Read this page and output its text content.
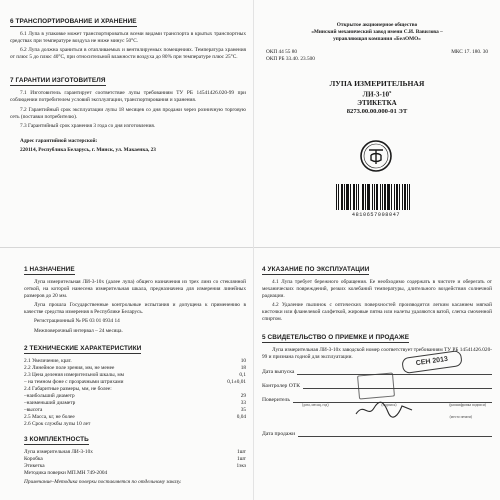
6 ТРАНСПОРТИРОВАНИЕ И ХРАНЕНИЕ
6.1 Лупа в упаковке может транспортироваться всеми видами транспорта в крытых транспортных средствах при температуре воздуха не ниже минус 50°С.
6.2 Лупа должна храниться в отапливаемых и вентилируемых помещениях. Температура хранения от плюс 5 до плюс 40°С, при относительной влажности воздуха до 80% при температуре плюс 25°С.
7 ГАРАНТИИ ИЗГОТОВИТЕЛЯ
7.1 Изготовитель гарантирует соответствие лупы требованиям ТУ РБ 14541426.020-99 при соблюдении потребителем условий эксплуатации, транспортирования и хранения.
7.2 Гарантийный срок эксплуатации лупы 18 месяцев со дня продажи через розничную торговую сеть (поставки потребителю).
7.3 Гарантийный срок хранения 3 года со дня изготовления.
Адрес гарантийной мастерской:
220114, Республика Беларусь, г. Минск, ул. Макаенка, 23
Открытое акционерное общество
«Минский механический завод имени С.И. Вавилова –
управляющая компания «БелОМО»
ОКП 44 55 80	МКС 17. 180. 30
ОКП РБ 33.40. 23.500
ЛУПА ИЗМЕРИТЕЛЬНАЯ
$ЛИ-3-10^х$
ЭТИКЕТКА
8273.00.00.000-01 ЭТ
4810657008047
1 НАЗНАЧЕНИЕ
Лупа измерительная ЛИ-3-10х (далее лупа) общего назначения из трех линз со стеклянной сеткой, на которой нанесена измерительная шкала, предназначена для измерения линейных размеров до 20 мм.
Лупа прошла Государственные контрольные испытания и допущена к применению в качестве средства измерения в Республике Беларусь.
Регистрационный № РБ 03 01 0934 14
Межповерочный интервал – 24 месяца.
2 ТЕХНИЧЕСКИЕ ХАРАКТЕРИСТИКИ
2.1 Увеличение, крат.	10
2.2 Линейное поле зрения, мм, не менее	18
2.3 Цена деления измерительной шкалы, мм	0,1
– на темном фоне с прозрачными штрихами	0,1±0,01
2.4 Габаритные размеры, мм, не более:
–наибольший диаметр	29
–наименьший диаметр	33
–высота	35
2.5 Масса, кг, не более	0,04
2.6 Срок службы лупы 10 лет
3 КОМПЛЕКТНОСТЬ
Лупа измерительная ЛИ-3-10х	1шт
Коробка	1шт
Этикетка	1экз
Методика поверки МП.МН 749-2004
Примечание–Методика поверки поставляется по отдельному заказу.
4 УКАЗАНИЕ ПО ЭКСПЛУАТАЦИИ
4.1 Лупа требует бережного обращения. Ее необходимо содержать в чистоте и оберегать от механических повреждений, резких колебаний температуры, длительного воздействия солнечной радиации.
4.2 Удаление пылинок с оптических поверхностей производится легким касанием мягкой кисточки или фланелевой салфеткой, жировые пятна или налеты удаляются ватой, слегка смоченной спиртом.
5 СВИДЕТЕЛЬСТВО О ПРИЕМКЕ И ПРОДАЖЕ
Лупа измерительная ЛИ-3-10х заводской номер соответствует требованиям ТУ РБ 14541426.020-99 и признана годной для эксплуатации.
Дата выпуска
Контролер ОТК
Поверитель
(дата, месяц, год)	(подпись)	(расшифровка подписи)
(место печати)
Дата продажи
СЕН 2013
